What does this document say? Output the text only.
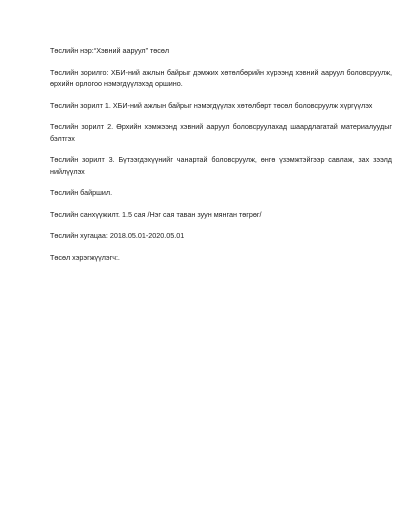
Төслийн нэр:“Хэвний ааруул” төсөл

Төслийн зорилго: ХБИ-ний ажлын байрыг дэмжих хөтөлбөрийн хүрээнд хэвний ааруул боловсруулж, өрхийн орлогоо нэмэгдүүлэхэд оршино.

Төслийн зорилт 1. ХБИ-ний ажлын байрыг нэмэгдүүлэх хөтөлбөрт төсөл боловсруулж хүргүүлэх

Төслийн зорилт 2. Өрхийн хэмжээнд хэвний ааруул боловсруулахад шаардлагатай материалуудыг бэлтгэх

Төслийн зорилт 3. Бүтээгдэхүүнийг чанартай боловсруулж, өнгө үзэмжтэйгээр савлаж, зах зээлд нийлүүлэх

Төслийн байршил.

Төслийн санхүүжилт. 1.5 сая /Нэг сая таван зуун мянган төгрөг/

Төслийн хугацаа: 2018.05.01-2020.05.01

Төсөл хэрэгжүүлэгч:.
